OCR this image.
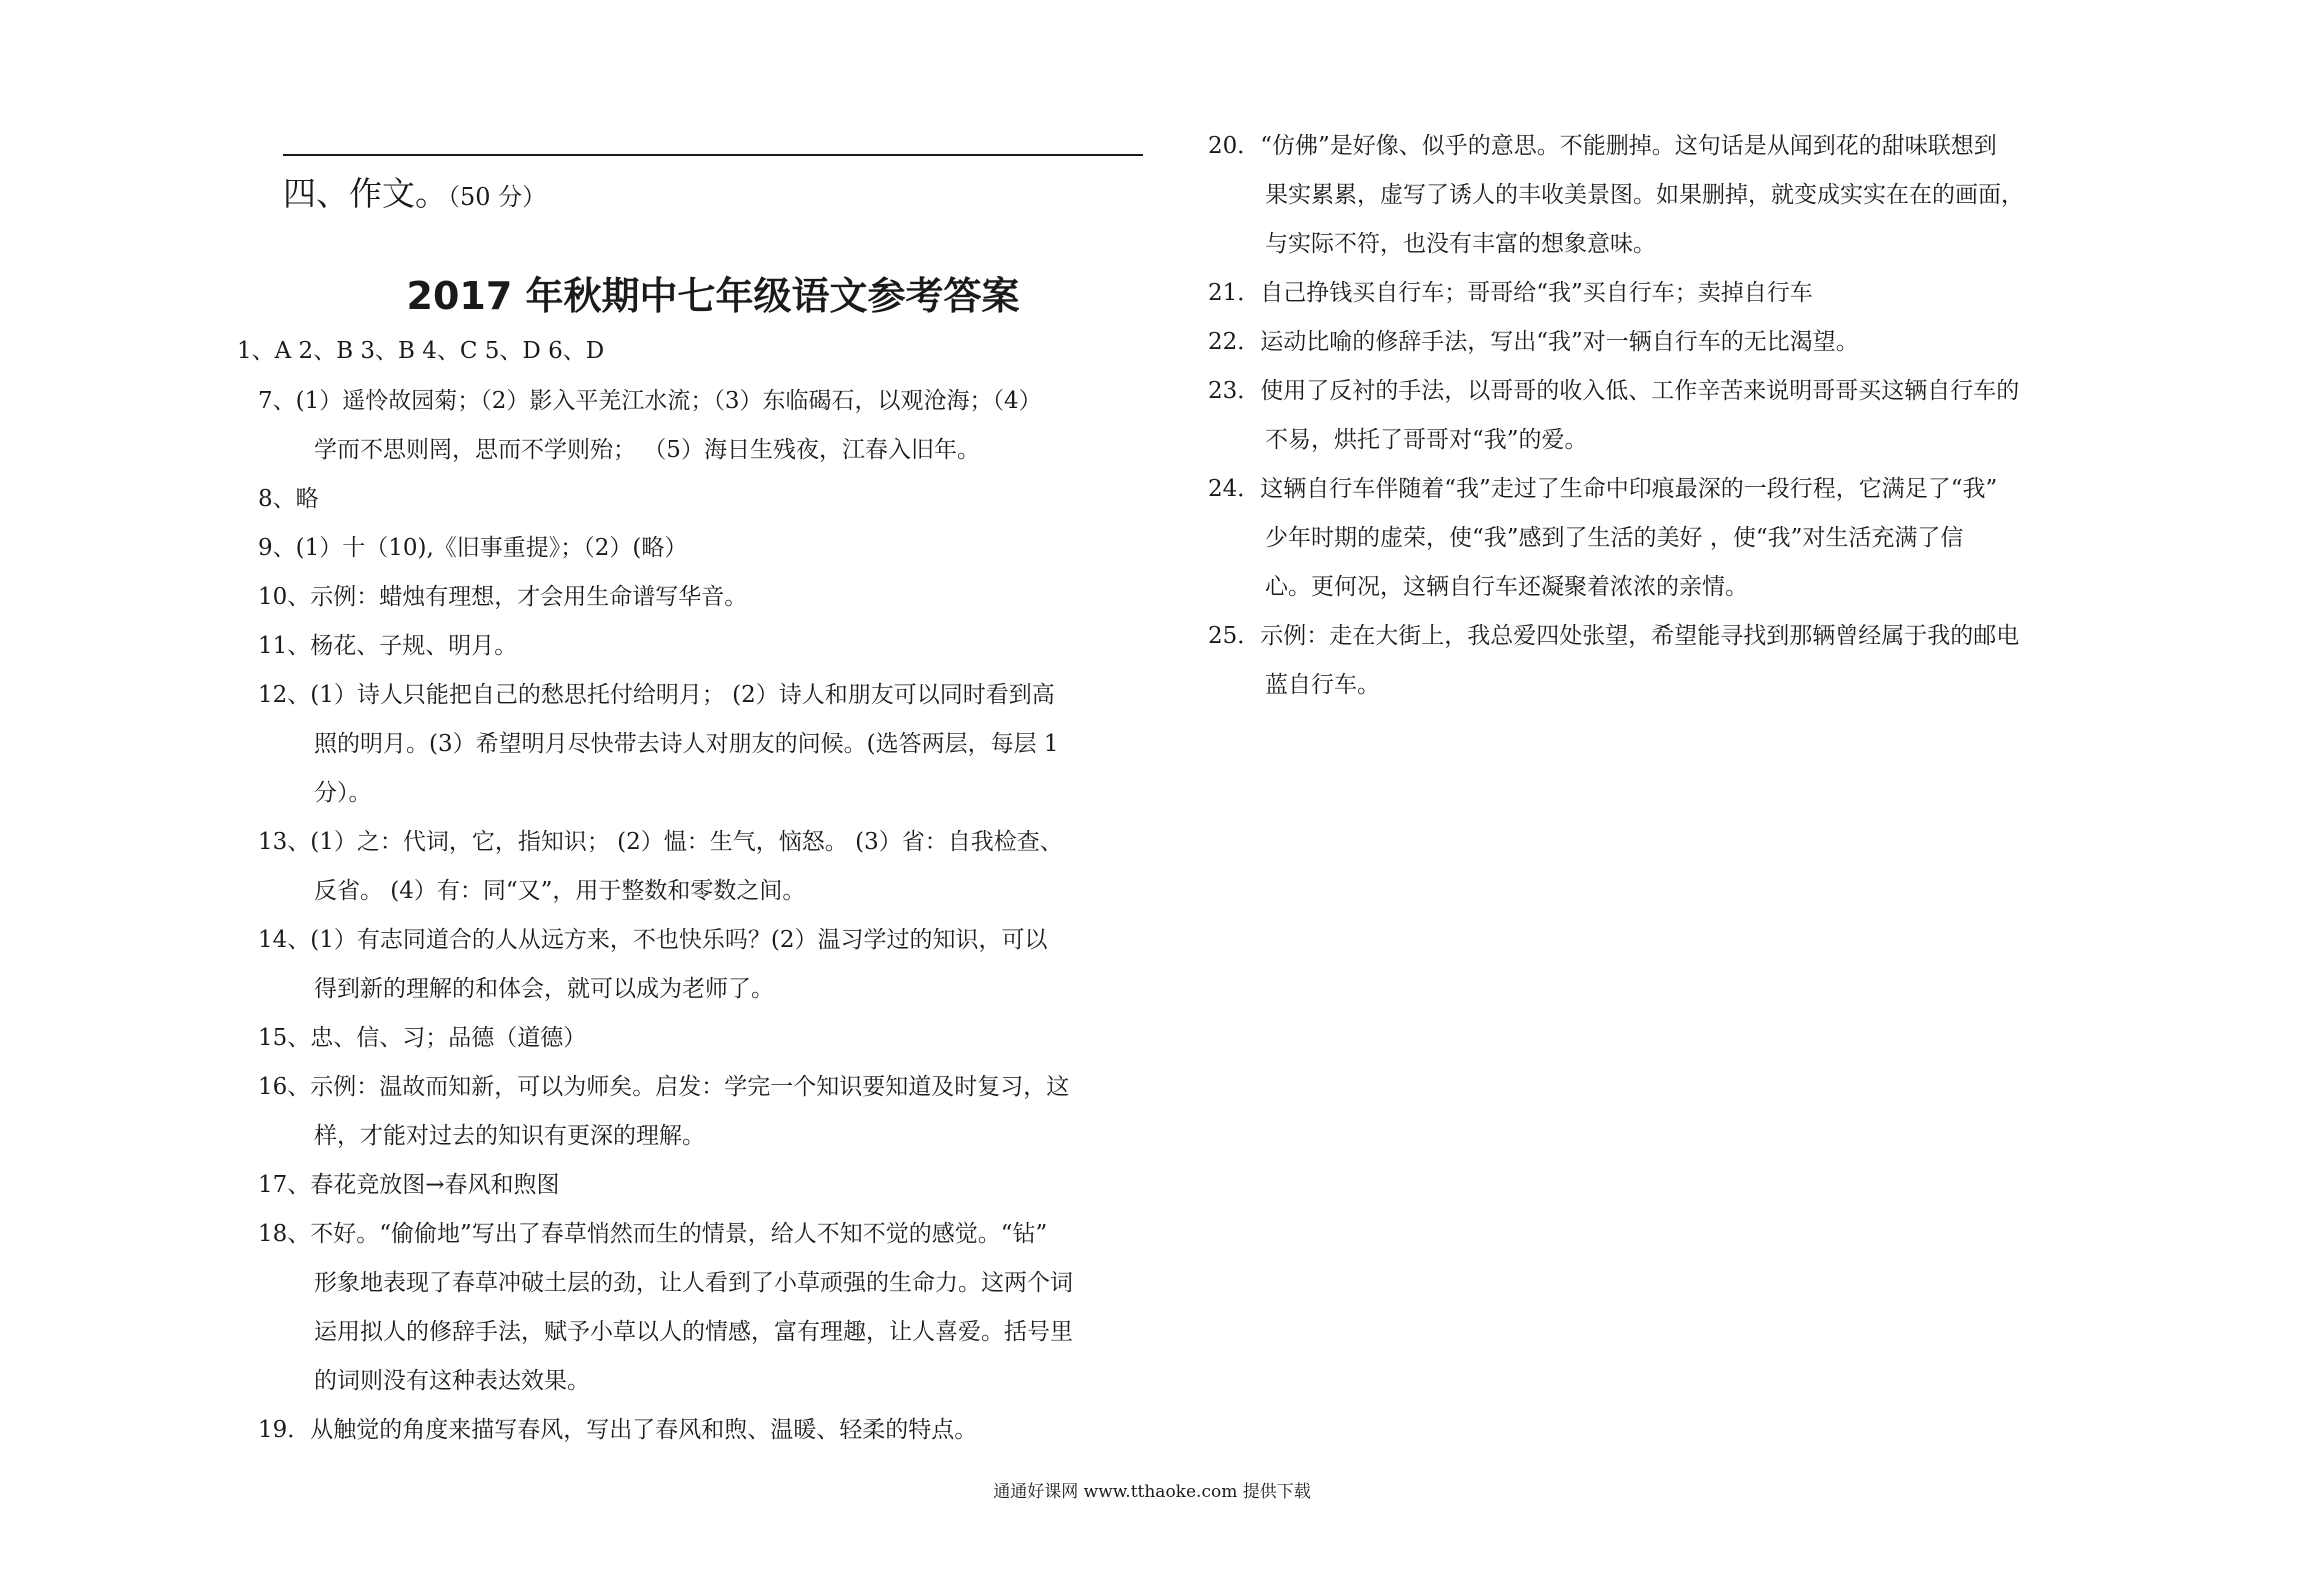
四、作文。（50 分）
2017 年秋期中七年级语文参考答案
1、A 2、B 3、B 4、C 5、D 6、D
7、(1）遥怜故园菊；（2）影入平羌江水流；（3）东临碣石，以观沧海；（4）
学而不思则罔，思而不学则殆； （5）海日生残夜，江春入旧年。
8、略
9、(1）十（10),《旧事重提》；（2）(略）
10、示例：蜡烛有理想，才会用生命谱写华音。
11、杨花、子规、明月。
12、(1）诗人只能把自己的愁思托付给明月； (2）诗人和朋友可以同时看到高
照的明月。(3）希望明月尽快带去诗人对朋友的问候。(选答两层，每层 1
分）。
13、(1）之：代词，它，指知识； (2）愠：生气，恼怒。 (3）省：自我检查、
反省。 (4）有：同“又”，用于整数和零数之间。
14、(1）有志同道合的人从远方来，不也快乐吗？(2）温习学过的知识，可以
得到新的理解的和体会，就可以成为老师了。
15、忠、信、习；品德（道德）
16、示例：温故而知新，可以为师矣。启发：学完一个知识要知道及时复习，这
样，才能对过去的知识有更深的理解。
17、春花竞放图→春风和煦图
18、不好。“偷偷地”写出了春草悄然而生的情景，给人不知不觉的感觉。“钻”
形象地表现了春草冲破土层的劲，让人看到了小草顽强的生命力。这两个词
运用拟人的修辞手法，赋予小草以人的情感，富有理趣，让人喜爱。括号里
的词则没有这种表达效果。
19．从触觉的角度来描写春风，写出了春风和煦、温暖、轻柔的特点。
20．“仿佛”是好像、似乎的意思。不能删掉。这句话是从闻到花的甜味联想到
果实累累，虚写了诱人的丰收美景图。如果删掉，就变成实实在在的画面，
与实际不符，也没有丰富的想象意味。
21．自己挣钱买自行车；哥哥给“我”买自行车；卖掉自行车
22．运动比喻的修辞手法，写出“我”对一辆自行车的无比渴望。
23．使用了反衬的手法，以哥哥的收入低、工作辛苦来说明哥哥买这辆自行车的
不易，烘托了哥哥对“我”的爱。
24．这辆自行车伴随着“我”走过了生命中印痕最深的一段行程，它满足了“我”
少年时期的虚荣，使“我”感到了生活的美好 ，使“我”对生活充满了信
心。更何况，这辆自行车还凝聚着浓浓的亲情。
25．示例：走在大街上，我总爱四处张望，希望能寻找到那辆曾经属于我的邮电
蓝自行车。
通通好课网 www.tthaoke.com 提供下载
